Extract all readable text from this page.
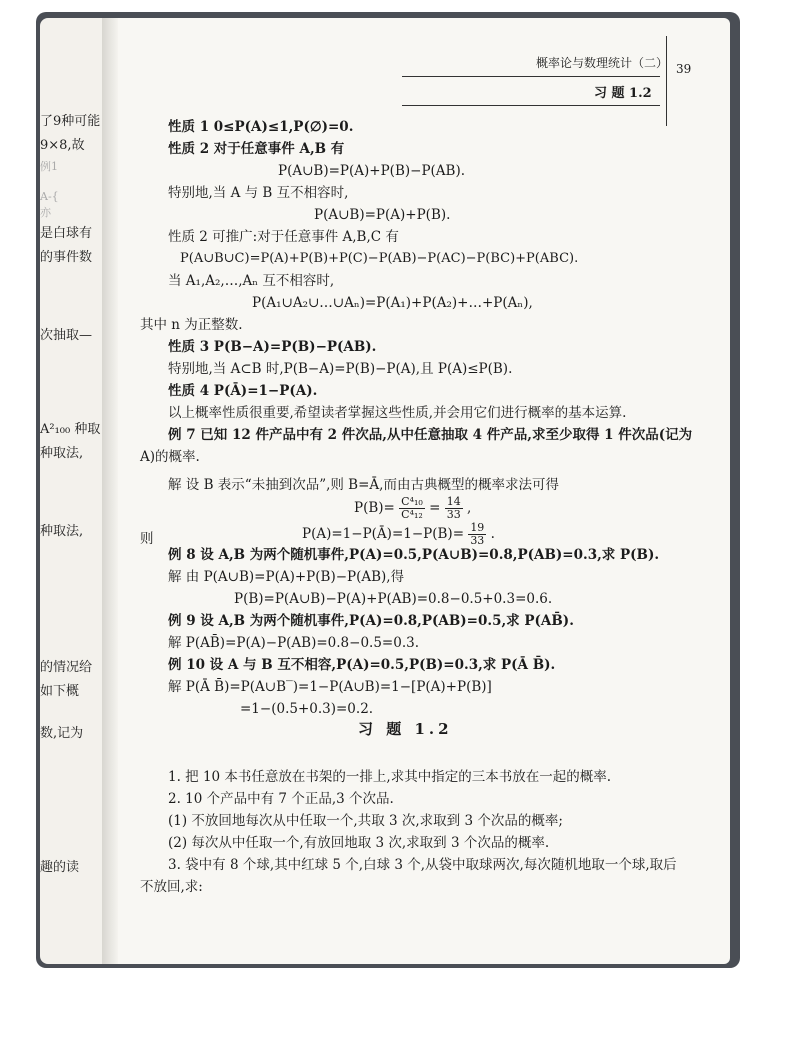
了9种可能
9×8,故
例1
A-{
亦
是白球有
的事件数
次抽取—
A²₁₀₀ 种取
种取法,
种取法,
的情况给
如下概
数,记为
趣的读
概率论与数理统计（二） 39
习 题 1.2
性质 1 0≤P(A)≤1,P(∅)=0.
性质 2 对于任意事件 A,B 有
P(A∪B)=P(A)+P(B)−P(AB).
特别地,当 A 与 B 互不相容时,
P(A∪B)=P(A)+P(B).
性质 2 可推广:对于任意事件 A,B,C 有
P(A∪B∪C)=P(A)+P(B)+P(C)−P(AB)−P(AC)−P(BC)+P(ABC).
当 A₁,A₂,…,Aₙ 互不相容时,
P(A₁∪A₂∪…∪Aₙ)=P(A₁)+P(A₂)+…+P(Aₙ),
其中 n 为正整数.
性质 3 P(B−A)=P(B)−P(AB).
特别地,当 A⊂B 时,P(B−A)=P(B)−P(A),且 P(A)≤P(B).
性质 4 P(Ā)=1−P(A).
以上概率性质很重要,希望读者掌握这些性质,并会用它们进行概率的基本运算.
例 7 已知 12 件产品中有 2 件次品,从中任意抽取 4 件产品,求至少取得 1 件次品(记为
A)的概率.
解 设 B 表示“未抽到次品”,则 B=Ā,而由古典概型的概率求法可得
$P(B)= \frac{\text{C⁴₁₀}}{\text{C⁴₁₂}} = \frac{14}{33}$ ,
则	P(A)=1−P(Ā)=1−P(B)= $\frac{19}{33}$ .
例 8 设 A,B 为两个随机事件,P(A)=0.5,P(A∪B)=0.8,P(AB)=0.3,求 P(B).
解 由 P(A∪B)=P(A)+P(B)−P(AB),得
P(B)=P(A∪B)−P(A)+P(AB)=0.8−0.5+0.3=0.6.
例 9 设 A,B 为两个随机事件,P(A)=0.8,P(AB)=0.5,求 P(AB̄).
解 P(AB̄)=P(A)−P(AB)=0.8−0.5=0.3.
例 10 设 A 与 B 互不相容,P(A)=0.5,P(B)=0.3,求 P(Ā B̄).
解 P(Ā B̄)=P(A∪B‾)=1−P(A∪B)=1−[P(A)+P(B)]
=1−(0.5+0.3)=0.2.
习 题 1.2
1. 把 10 本书任意放在书架的一排上,求其中指定的三本书放在一起的概率.
2. 10 个产品中有 7 个正品,3 个次品.
(1) 不放回地每次从中任取一个,共取 3 次,求取到 3 个次品的概率;
(2) 每次从中任取一个,有放回地取 3 次,求取到 3 个次品的概率.
3. 袋中有 8 个球,其中红球 5 个,白球 3 个,从袋中取球两次,每次随机地取一个球,取后
不放回,求:
